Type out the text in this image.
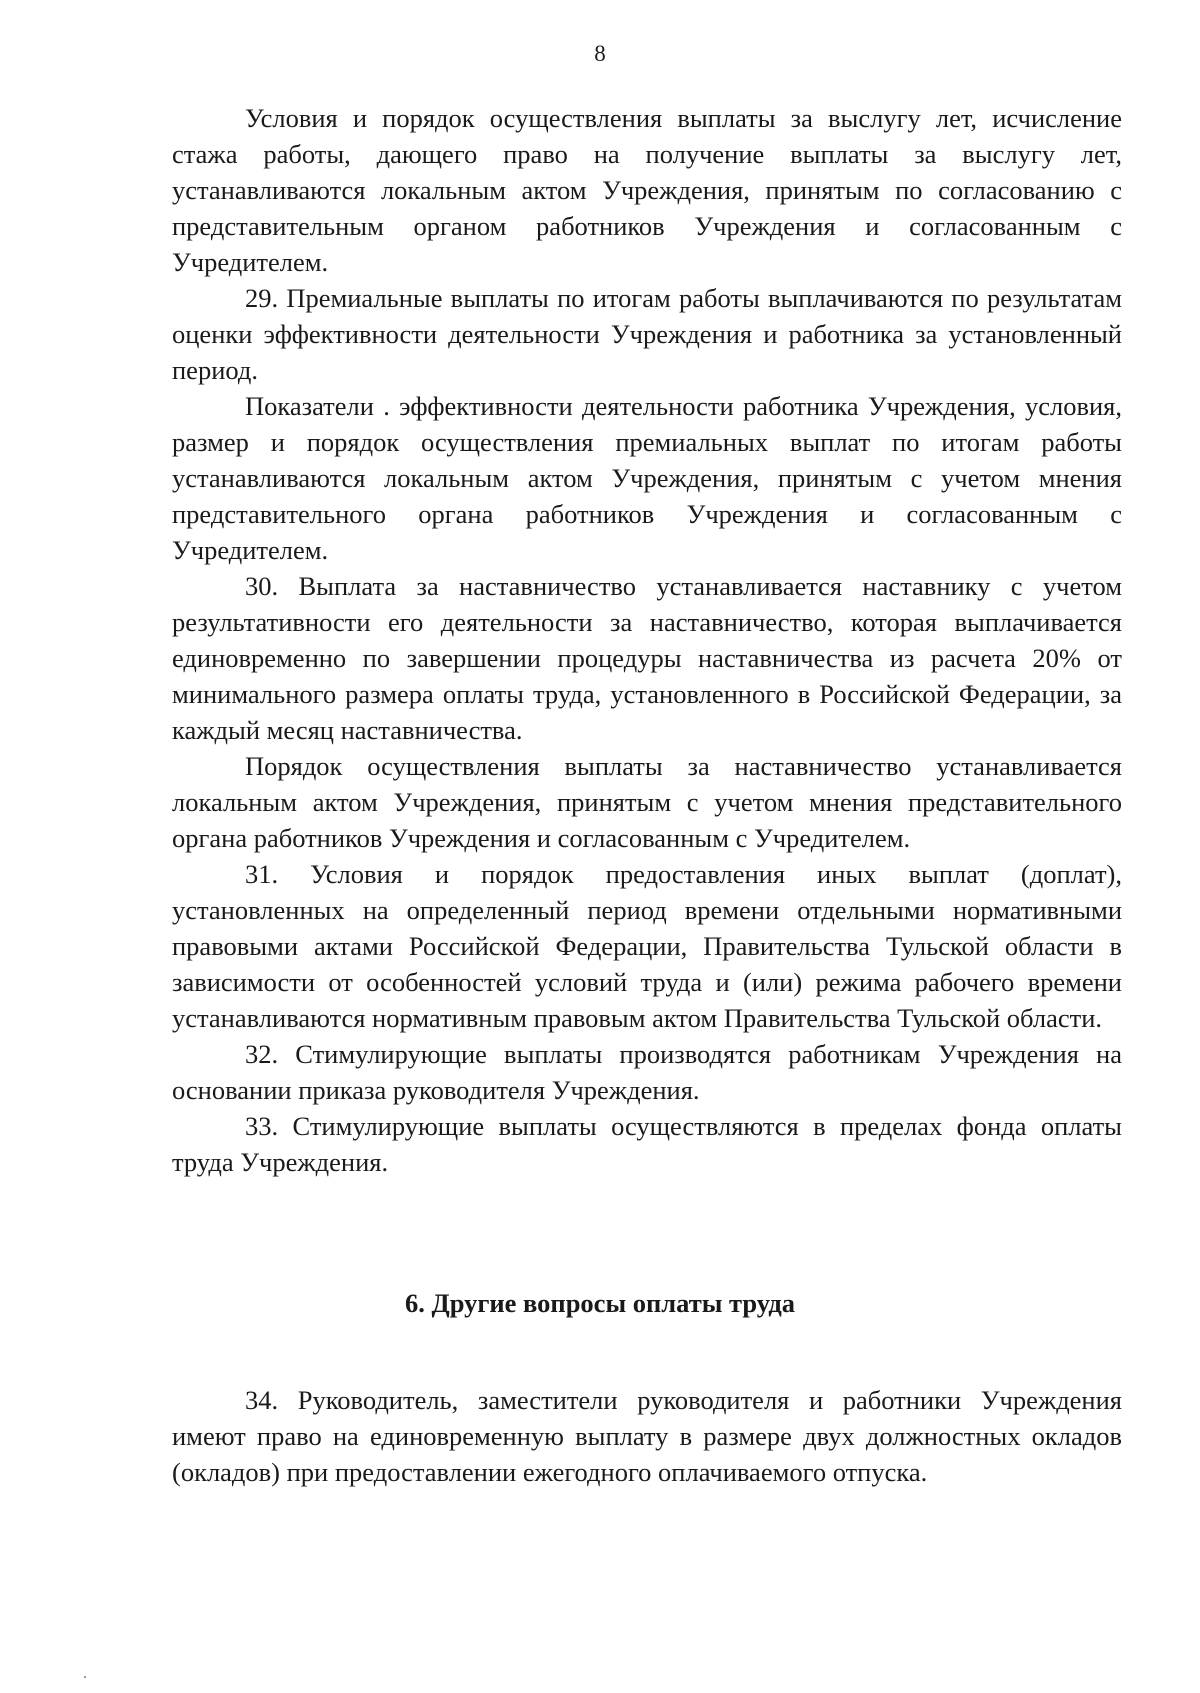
8

Условия и порядок осуществления выплаты за выслугу лет, исчисление стажа работы, дающего право на получение выплаты за выслугу лет, устанавливаются локальным актом Учреждения, принятым по согласованию с представительным органом работников Учреждения и согласованным с Учредителем.

29. Премиальные выплаты по итогам работы выплачиваются по результатам оценки эффективности деятельности Учреждения и работника за установленный период.

Показатели . эффективности деятельности работника Учреждения, условия, размер и порядок осуществления премиальных выплат по итогам работы устанавливаются локальным актом Учреждения, принятым с учетом мнения представительного органа работников Учреждения и согласованным с Учредителем.

30. Выплата за наставничество устанавливается наставнику с учетом результативности его деятельности за наставничество, которая выплачивается единовременно по завершении процедуры наставничества из расчета 20% от минимального размера оплаты труда, установленного в Российской Федерации, за каждый месяц наставничества.

Порядок осуществления выплаты за наставничество устанавливается локальным актом Учреждения, принятым с учетом мнения представительного органа работников Учреждения и согласованным с Учредителем.

31. Условия и порядок предоставления иных выплат (доплат), установленных на определенный период времени отдельными нормативными правовыми актами Российской Федерации, Правительства Тульской области в зависимости от особенностей условий труда и (или) режима рабочего времени устанавливаются нормативным правовым актом Правительства Тульской области.

32. Стимулирующие выплаты производятся работникам Учреждения на основании приказа руководителя Учреждения.

33. Стимулирующие выплаты осуществляются в пределах фонда оплаты труда Учреждения.

6. Другие вопросы оплаты труда

34. Руководитель, заместители руководителя и работники Учреждения имеют право на единовременную выплату в размере двух должностных окладов (окладов) при предоставлении ежегодного оплачиваемого отпуска.
